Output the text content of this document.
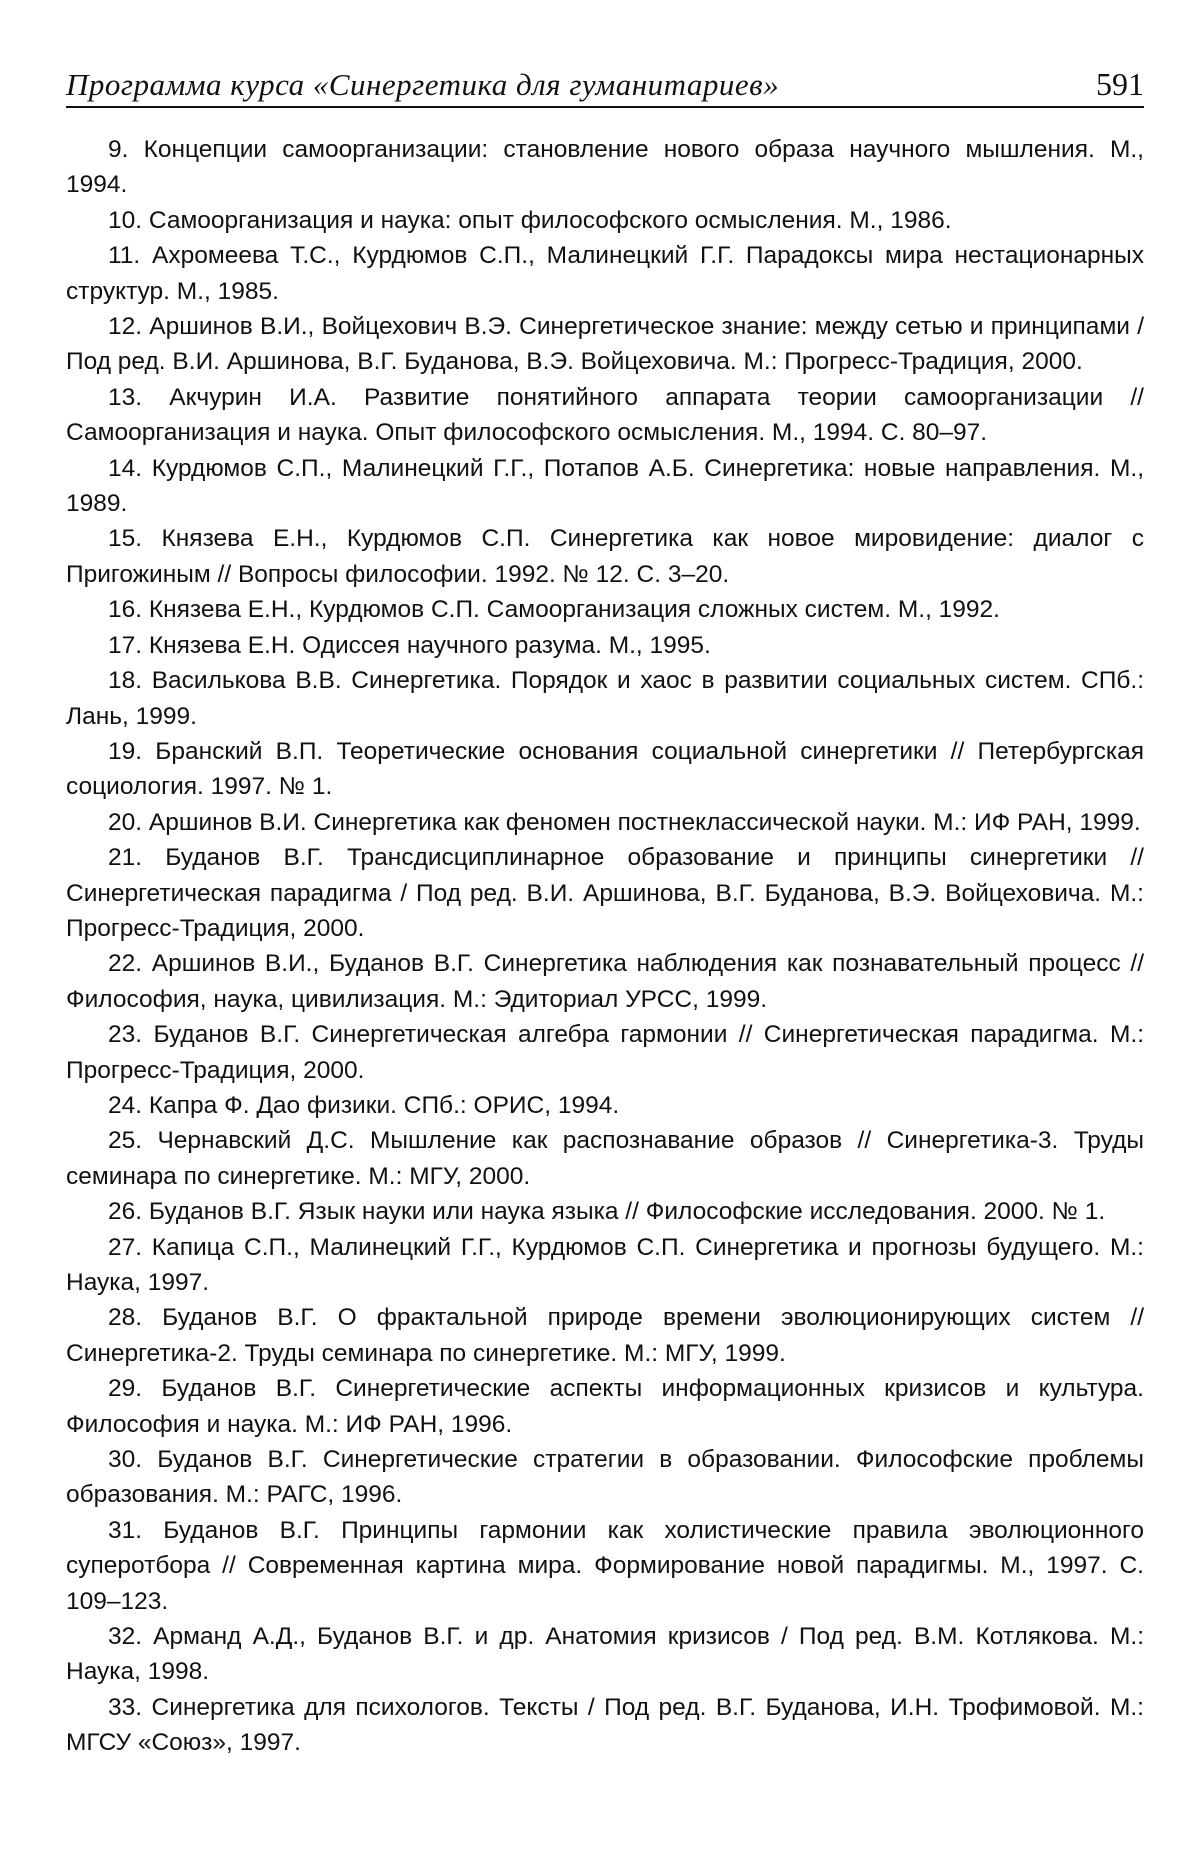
Программа курса «Синергетика для гуманитариев»	591
9. Концепции самоорганизации: становление нового образа научного мышления. М., 1994.
10. Самоорганизация и наука: опыт философского осмысления. М., 1986.
11. Ахромеева Т.С., Курдюмов С.П., Малинецкий Г.Г. Парадоксы мира нестационарных структур. М., 1985.
12. Аршинов В.И., Войцехович В.Э. Синергетическое знание: между сетью и принципами / Под ред. В.И. Аршинова, В.Г. Буданова, В.Э. Войцеховича. М.: Прогресс-Традиция, 2000.
13. Акчурин И.А. Развитие понятийного аппарата теории самоорганизации // Самоорганизация и наука. Опыт философского осмысления. М., 1994. С. 80–97.
14. Курдюмов С.П., Малинецкий Г.Г., Потапов А.Б. Синергетика: новые направления. М., 1989.
15. Князева Е.Н., Курдюмов С.П. Синергетика как новое мировидение: диалог с Пригожиным // Вопросы философии. 1992. № 12. С. 3–20.
16. Князева Е.Н., Курдюмов С.П. Самоорганизация сложных систем. М., 1992.
17. Князева Е.Н. Одиссея научного разума. М., 1995.
18. Василькова В.В. Синергетика. Порядок и хаос в развитии социальных систем. СПб.: Лань, 1999.
19. Бранский В.П. Теоретические основания социальной синергетики // Петербургская социология. 1997. № 1.
20. Аршинов В.И. Синергетика как феномен постнеклассической науки. М.: ИФ РАН, 1999.
21. Буданов В.Г. Трансдисциплинарное образование и принципы синергетики // Синергетическая парадигма / Под ред. В.И. Аршинова, В.Г. Буданова, В.Э. Войцеховича. М.: Прогресс-Традиция, 2000.
22. Аршинов В.И., Буданов В.Г. Синергетика наблюдения как познавательный процесс // Философия, наука, цивилизация. М.: Эдиториал УРСС, 1999.
23. Буданов В.Г. Синергетическая алгебра гармонии // Синергетическая парадигма. М.: Прогресс-Традиция, 2000.
24. Капра Ф. Дао физики. СПб.: ОРИС, 1994.
25. Чернавский Д.С. Мышление как распознавание образов // Синергетика-3. Труды семинара по синергетике. М.: МГУ, 2000.
26. Буданов В.Г. Язык науки или наука языка // Философские исследования. 2000. № 1.
27. Капица С.П., Малинецкий Г.Г., Курдюмов С.П. Синергетика и прогнозы будущего. М.: Наука, 1997.
28. Буданов В.Г. О фрактальной природе времени эволюционирующих систем // Синергетика-2. Труды семинара по синергетике. М.: МГУ, 1999.
29. Буданов В.Г. Синергетические аспекты информационных кризисов и культура. Философия и наука. М.: ИФ РАН, 1996.
30. Буданов В.Г. Синергетические стратегии в образовании. Философские проблемы образования. М.: РАГС, 1996.
31. Буданов В.Г. Принципы гармонии как холистические правила эволюционного суперотбора // Современная картина мира. Формирование новой парадигмы. М., 1997. С. 109–123.
32. Арманд А.Д., Буданов В.Г. и др. Анатомия кризисов / Под ред. В.М. Котлякова. М.: Наука, 1998.
33. Синергетика для психологов. Тексты / Под ред. В.Г. Буданова, И.Н. Трофимовой. М.: МГСУ «Союз», 1997.
